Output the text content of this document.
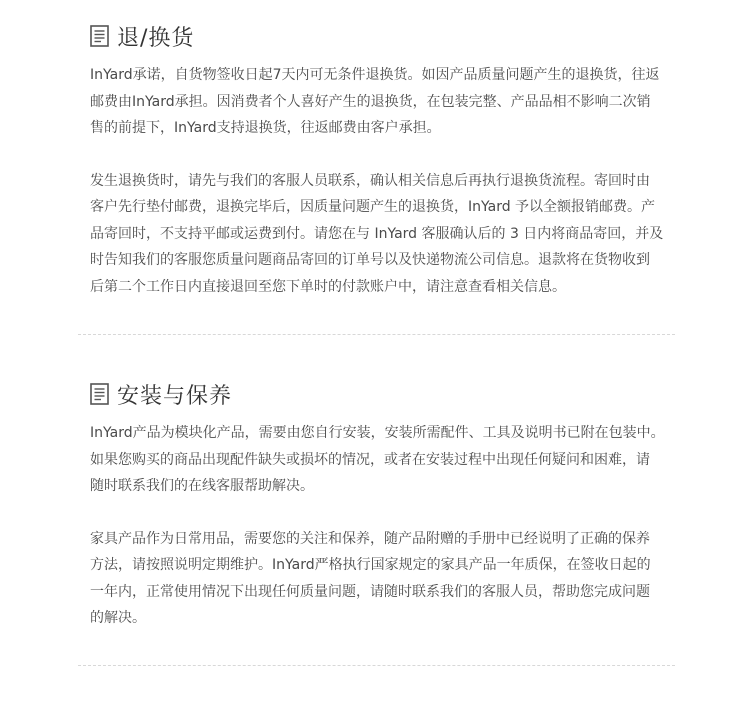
退/换货

InYard承诺，自货物签收日起7天内可无条件退换货。如因产品质量问题产生的退换货，往返
邮费由InYard承担。因消费者个人喜好产生的退换货，在包装完整、产品品相不影响二次销
售的前提下，InYard支持退换货，往返邮费由客户承担。

发生退换货时，请先与我们的客服人员联系，确认相关信息后再执行退换货流程。寄回时由
客户先行垫付邮费，退换完毕后，因质量问题产生的退换货，InYard 予以全额报销邮费。产
品寄回时，不支持平邮或运费到付。请您在与 InYard 客服确认后的 3 日内将商品寄回，并及
时告知我们的客服您质量问题商品寄回的订单号以及快递物流公司信息。退款将在货物收到
后第二个工作日内直接退回至您下单时的付款账户中，请注意查看相关信息。

安装与保养

InYard产品为模块化产品，需要由您自行安装，安装所需配件、工具及说明书已附在包装中。
如果您购买的商品出现配件缺失或损坏的情况，或者在安装过程中出现任何疑问和困难，请
随时联系我们的在线客服帮助解决。

家具产品作为日常用品，需要您的关注和保养，随产品附赠的手册中已经说明了正确的保养
方法，请按照说明定期维护。InYard严格执行国家规定的家具产品一年质保，在签收日起的
一年内，正常使用情况下出现任何质量问题，请随时联系我们的客服人员，帮助您完成问题
的解决。
